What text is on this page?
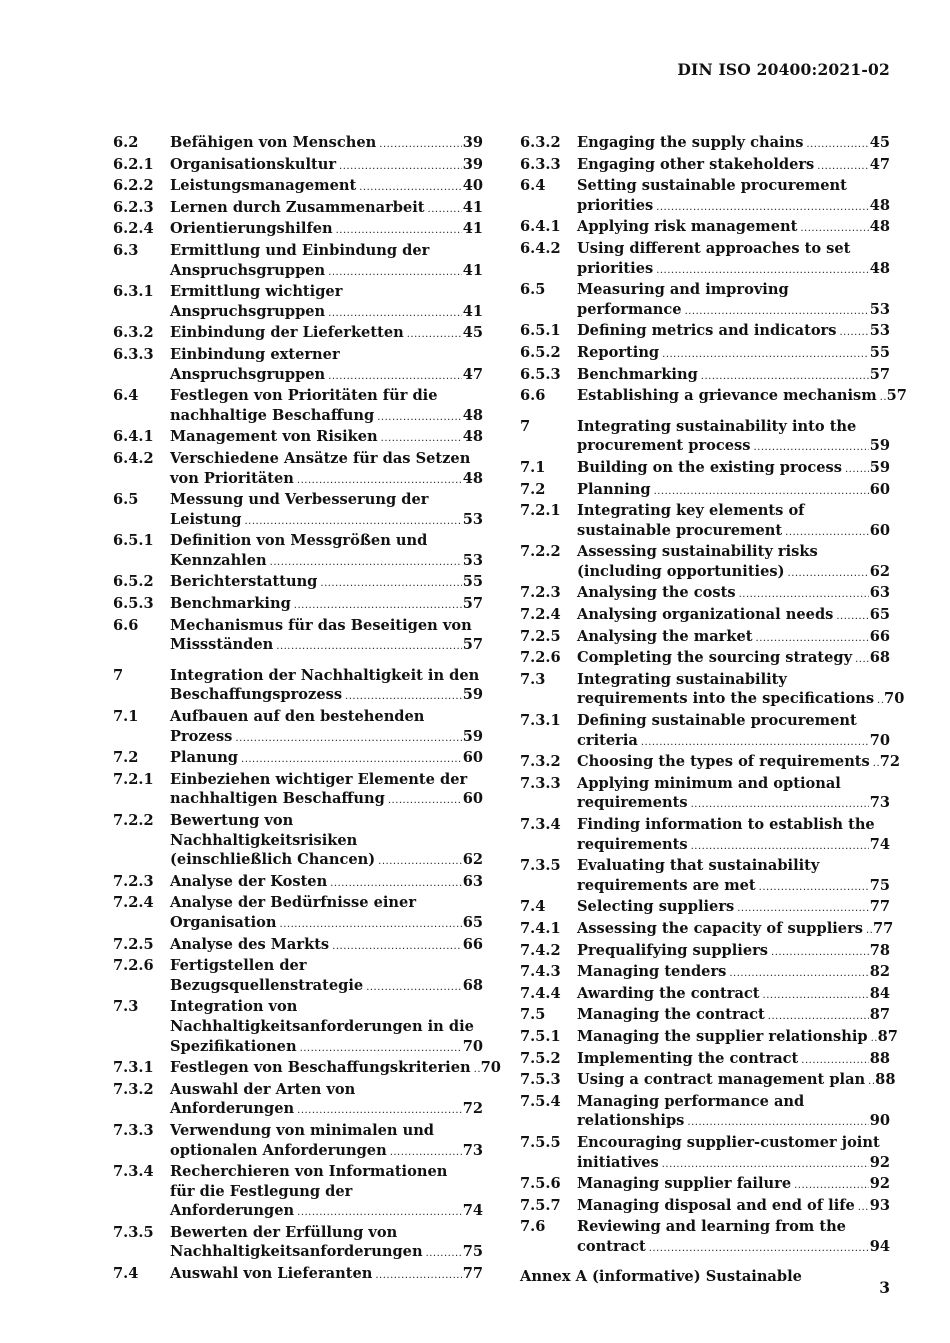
DIN ISO 20400:2021-02
6.2	Befähigen von Menschen .....	39
6.2.1	Organisationskultur .....	39
6.2.2	Leistungsmanagement .....	40
6.2.3	Lernen durch Zusammenarbeit .....	41
6.2.4	Orientierungshilfen .....	41
6.3	Ermittlung und Einbindung der
Anspruchsgruppen .....	41
6.3.1	Ermittlung wichtiger
Anspruchsgruppen .....	41
6.3.2	Einbindung der Lieferketten .....	45
6.3.3	Einbindung externer
Anspruchsgruppen .....	47
6.4	Festlegen von Prioritäten für die
nachhaltige Beschaffung .....	48
6.4.1	Management von Risiken .....	48
6.4.2	Verschiedene Ansätze für das Setzen
von Prioritäten .....	48
6.5	Messung und Verbesserung der
Leistung .....	53
6.5.1	Definition von Messgrößen und
Kennzahlen .....	53
6.5.2	Berichterstattung .....	55
6.5.3	Benchmarking .....	57
6.6	Mechanismus für das Beseitigen von
Missständen .....	57
7	Integration der Nachhaltigkeit in den
Beschaffungsprozess .....	59
7.1	Aufbauen auf den bestehenden
Prozess .....	59
7.2	Planung .....	60
7.2.1	Einbeziehen wichtiger Elemente der
nachhaltigen Beschaffung .....	60
7.2.2	Bewertung von
Nachhaltigkeitsrisiken
(einschließlich Chancen) .....	62
7.2.3	Analyse der Kosten .....	63
7.2.4	Analyse der Bedürfnisse einer
Organisation .....	65
7.2.5	Analyse des Markts .....	66
7.2.6	Fertigstellen der
Bezugsquellenstrategie .....	68
7.3	Integration von
Nachhaltigkeitsanforderungen in die
Spezifikationen .....	70
7.3.1	Festlegen von Beschaffungskriterien ..... 70
7.3.2	Auswahl der Arten von
Anforderungen .....	72
7.3.3	Verwendung von minimalen und
optionalen Anforderungen .....	73
7.3.4	Recherchieren von Informationen
für die Festlegung der
Anforderungen .....	74
7.3.5	Bewerten der Erfüllung von
Nachhaltigkeitsanforderungen .....	75
7.4	Auswahl von Lieferanten .....	77
6.3.2	Engaging the supply chains .....	45
6.3.3	Engaging other stakeholders .....	47
6.4	Setting sustainable procurement
priorities .....	48
6.4.1	Applying risk management .....	48
6.4.2	Using different approaches to set
priorities .....	48
6.5	Measuring and improving
performance .....	53
6.5.1	Defining metrics and indicators ..... 53
6.5.2	Reporting .....	55
6.5.3	Benchmarking .....	57
6.6	Establishing a grievance mechanism ..... 57
7	Integrating sustainability into the
procurement process .....	59
7.1	Building on the existing process ..... 59
7.2	Planning .....	60
7.2.1	Integrating key elements of
sustainable procurement .....	60
7.2.2	Assessing sustainability risks
(including opportunities) .....	62
7.2.3	Analysing the costs .....	63
7.2.4	Analysing organizational needs ..... 65
7.2.5	Analysing the market .....	66
7.2.6	Completing the sourcing strategy ..... 68
7.3	Integrating sustainability
requirements into the specifications ..... 70
7.3.1	Defining sustainable procurement
criteria .....	70
7.3.2	Choosing the types of requirements ..... 72
7.3.3	Applying minimum and optional
requirements .....	73
7.3.4	Finding information to establish the
requirements .....	74
7.3.5	Evaluating that sustainability
requirements are met .....	75
7.4	Selecting suppliers .....	77
7.4.1	Assessing the capacity of suppliers ..... 77
7.4.2	Prequalifying suppliers .....	78
7.4.3	Managing tenders .....	82
7.4.4	Awarding the contract .....	84
7.5	Managing the contract .....	87
7.5.1	Managing the supplier relationship ..... 87
7.5.2	Implementing the contract .....	88
7.5.3	Using a contract management plan ..... 88
7.5.4	Managing performance and
relationships .....	90
7.5.5	Encouraging supplier-customer joint
initiatives .....	92
7.5.6	Managing supplier failure .....	92
7.5.7	Managing disposal and end of life ..... 93
7.6	Reviewing and learning from the
contract .....	94
Annex A (informative) Sustainable
3
